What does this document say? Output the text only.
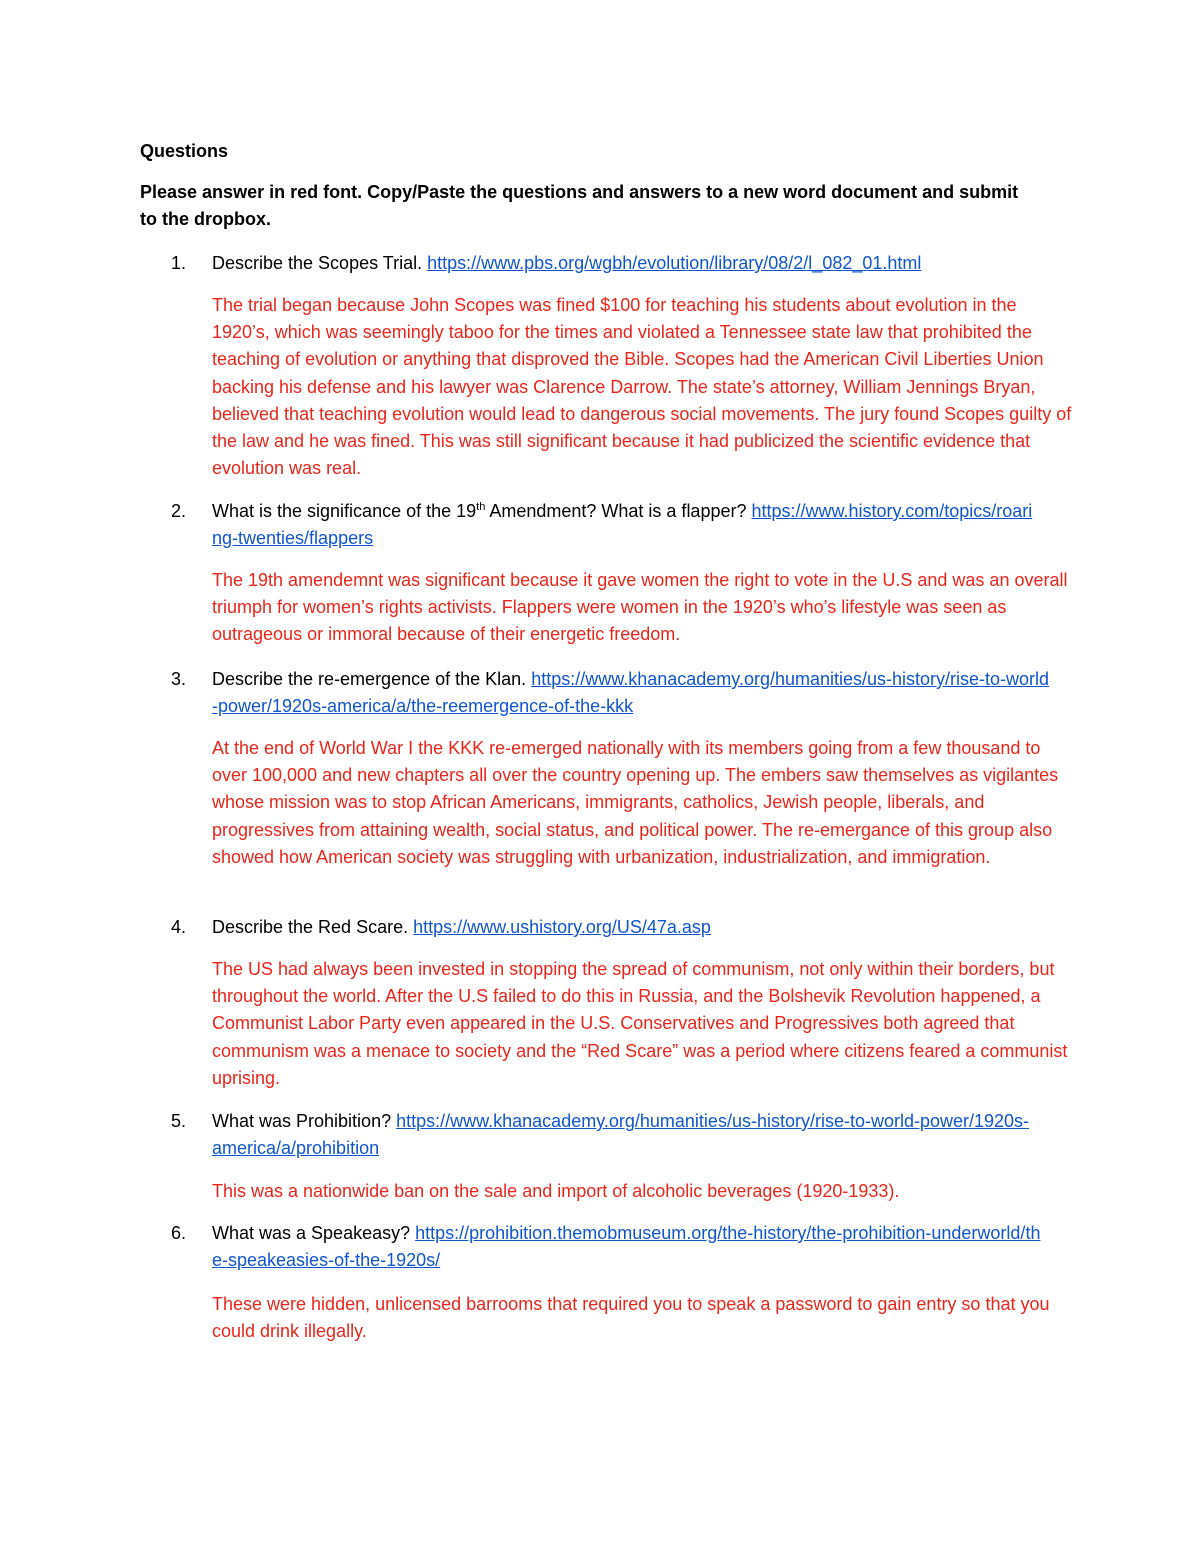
Questions

Please answer in red font. Copy/Paste the questions and answers to a new word document and submit to the dropbox.

1.	Describe the Scopes Trial. https://www.pbs.org/wgbh/evolution/library/08/2/l_082_01.html

The trial began because John Scopes was fined $100 for teaching his students about evolution in the 1920’s, which was seemingly taboo for the times and violated a Tennessee state law that prohibited the teaching of evolution or anything that disproved the Bible. Scopes had the American Civil Liberties Union backing his defense and his lawyer was Clarence Darrow. The state’s attorney, William Jennings Bryan, believed that teaching evolution would lead to dangerous social movements. The jury found Scopes guilty of the law and he was fined. This was still significant because it had publicized the scientific evidence that evolution was real.

2.	What is the significance of the 19th Amendment? What is a flapper? https://www.history.com/topics/roaring-twenties/flappers

The 19th amendemnt was significant because it gave women the right to vote in the U.S and was an overall triumph for women’s rights activists. Flappers were women in the 1920’s who’s lifestyle was seen as outrageous or immoral because of their energetic freedom.

3.	Describe the re-emergence of the Klan. https://www.khanacademy.org/humanities/us-history/rise-to-world-power/1920s-america/a/the-reemergence-of-the-kkk

At the end of World War I the KKK re-emerged nationally with its members going from a few thousand to over 100,000 and new chapters all over the country opening up. The embers saw themselves as vigilantes whose mission was to stop African Americans, immigrants, catholics, Jewish people, liberals, and progressives from attaining wealth, social status, and political power. The re-emergance of this group also showed how American society was struggling with urbanization, industrialization, and immigration.

4.	Describe the Red Scare. https://www.ushistory.org/US/47a.asp

The US had always been invested in stopping the spread of communism, not only within their borders, but throughout the world. After the U.S failed to do this in Russia, and the Bolshevik Revolution happened, a Communist Labor Party even appeared in the U.S. Conservatives and Progressives both agreed that communism was a menace to society and the “Red Scare” was a period where citizens feared a communist uprising.

5.	What was Prohibition? https://www.khanacademy.org/humanities/us-history/rise-to-world-power/1920s-america/a/prohibition

This was a nationwide ban on the sale and import of alcoholic beverages (1920-1933).

6.	What was a Speakeasy? https://prohibition.themobmuseum.org/the-history/the-prohibition-underworld/the-speakeasies-of-the-1920s/

These were hidden, unlicensed barrooms that required you to speak a password to gain entry so that you could drink illegally.
